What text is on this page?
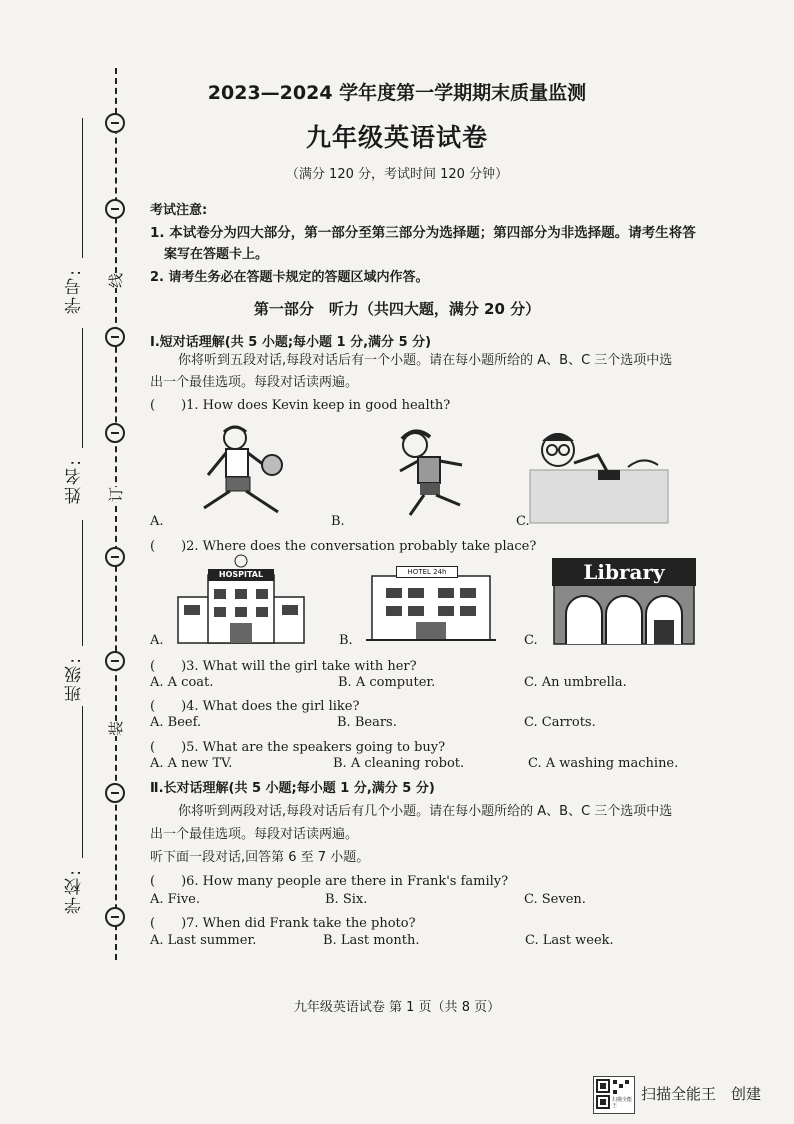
线
订
装
学号:
姓名:
班级:
学校:
2023—2024 学年度第一学期期末质量监测
九年级英语试卷
（满分 120 分，考试时间 120 分钟）
考试注意:
1. 本试卷分为四大部分，第一部分至第三部分为选择题；第四部分为非选择题。请考生将答
案写在答题卡上。
2. 请考生务必在答题卡规定的答题区域内作答。
第一部分　听力（共四大题，满分 20 分）
Ⅰ.短对话理解(共 5 小题;每小题 1 分,满分 5 分)
你将听到五段对话,每段对话后有一个小题。请在每小题所给的 A、B、C 三个选项中选
出一个最佳选项。每段对话读两遍。
(　　)1. How does Kevin keep in good health?
A.	B.	C.
(　　)2. Where does the conversation probably take place?
HOSPITAL	HOTEL 24h	Library
A.	B.	C.
(　　)3. What will the girl take with her?
A. A coat.	B. A computer.	C. An umbrella.
(　　)4. What does the girl like?
A. Beef.	B. Bears.	C. Carrots.
(　　)5. What are the speakers going to buy?
A. A new TV.	B. A cleaning robot.	C. A washing machine.
Ⅱ.长对话理解(共 5 小题;每小题 1 分,满分 5 分)
你将听到两段对话,每段对话后有几个小题。请在每小题所给的 A、B、C 三个选项中选
出一个最佳选项。每段对话读两遍。
听下面一段对话,回答第 6 至 7 小题。
(　　)6. How many people are there in Frank's family?
A. Five.	B. Six.	C. Seven.
(　　)7. When did Frank take the photo?
A. Last summer.	B. Last month.	C. Last week.
九年级英语试卷 第 1 页（共 8 页）
扫描全能王
扫描全能王　创建
